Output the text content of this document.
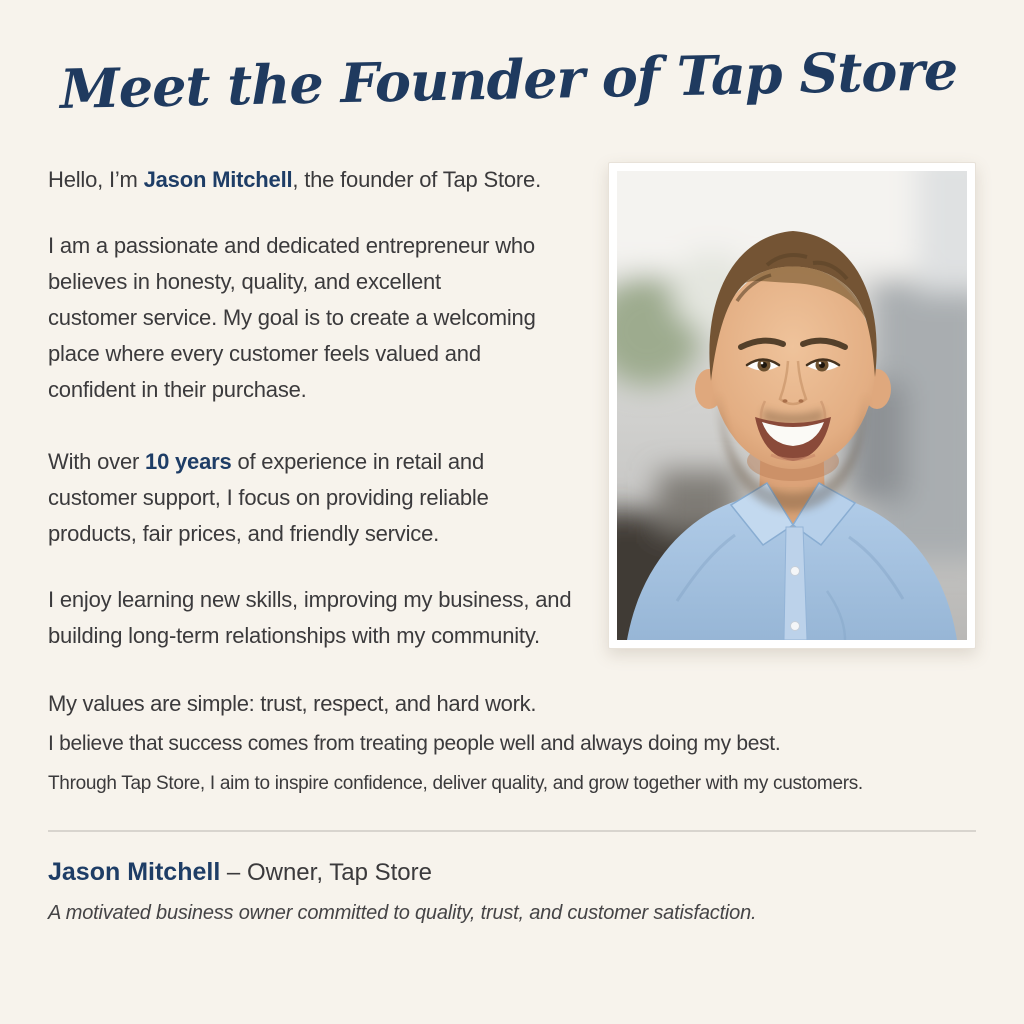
Meet the Founder of Tap Store

Hello, I’m Jason Mitchell, the founder of Tap Store.

I am a passionate and dedicated entrepreneur who
believes in honesty, quality, and excellent
customer service. My goal is to create a welcoming
place where every customer feels valued and
confident in their purchase.

With over 10 years of experience in retail and
customer support, I focus on providing reliable
products, fair prices, and friendly service.

I enjoy learning new skills, improving my business, and
building long-term relationships with my community.

My values are simple: trust, respect, and hard work.
I believe that success comes from treating people well and always doing my best.
Through Tap Store, I aim to inspire confidence, deliver quality, and grow together with my customers.

Jason Mitchell – Owner, Tap Store

A motivated business owner committed to quality, trust, and customer satisfaction.
